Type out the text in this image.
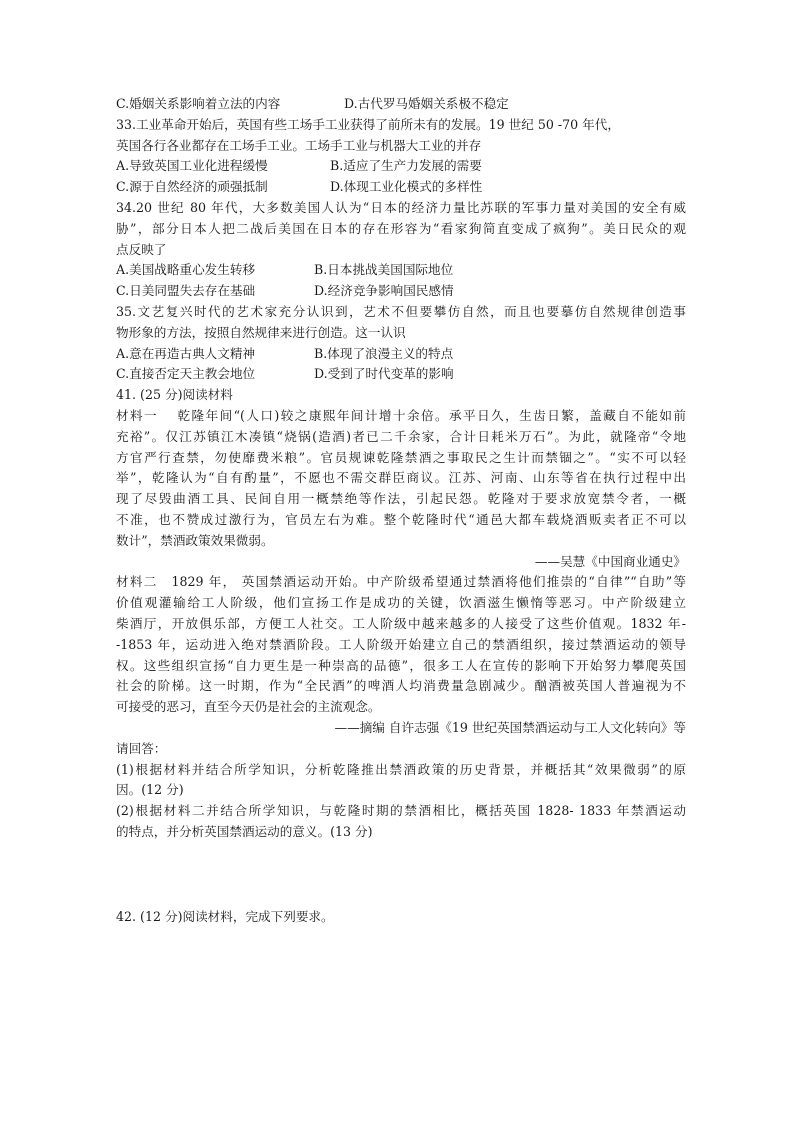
C.婚姻关系影响着立法的内容	D.古代罗马婚姻关系极不稳定
33.工业革命开始后，英国有些工场手工业获得了前所未有的发展。19 世纪 50 -70 年代，
英国各行各业都存在工场手工业。工场手工业与机器大工业的并存
A.导致英国工业化进程缓慢	B.适应了生产力发展的需要
C.源于自然经济的顽强抵制	D.体现工业化模式的多样性
34.20 世纪 80 年代，大多数美国人认为“日本的经济力量比苏联的军事力量对美国的安全有威
胁”，部分日本人把二战后美国在日本的存在形容为“看家狗简直变成了疯狗”。美日民众的观
点反映了
A.美国战略重心发生转移	B.日本挑战美国国际地位
C.日美同盟失去存在基础	D.经济竞争影响国民感情
35.文艺复兴时代的艺术家充分认识到，艺术不但要攀仿自然，而且也要摹仿自然规律创造事
物形象的方法，按照自然规律来进行创造。这一认识
A.意在再造古典人文精神	B.体现了浪漫主义的特点
C.直接否定天主教会地位	D.受到了时代变革的影响
41. (25 分)阅读材料
材料一　 乾隆年间“(人口)较之康熙年间计增十余倍。承平日久，生齿日繁，盖藏自不能如前
充裕”。仅江苏镇江木凑镇“烧锅(造酒)者已二千余家，合计日耗米万石”。为此，就隆帝“令地
方官严行查禁，勿使靡费米粮”。官员规谏乾隆禁酒之事取民之生计而禁锢之”。“实不可以轻
举”，乾隆认为“自有酌量”，不愿也不需交群臣商议。江苏、河南、山东等省在执行过程中出
现了尽毁曲酒工具、民间自用一概禁绝等作法，引起民怨。乾隆对于要求放宽禁令者，一概
不准，也不赞成过激行为，官员左右为难。整个乾隆时代“通邑大都车载烧酒贩卖者正不可以
数计”，禁酒政策效果微弱。
——吴慧《中国商业通史》
材料二　1829 年， 英国禁酒运动开始。中产阶级希望通过禁酒将他们推崇的“自律”“自助”等
价值观灌输给工人阶级，他们宣扬工作是成功的关键，饮酒滋生懒惰等恶习。中产阶级建立
柴酒厅，开放俱乐部，方便工人社交。工人阶级中越来越多的人接受了这些价值观。1832 年-
-1853 年，运动进入绝对禁酒阶段。工人阶级开始建立自己的禁酒组织，接过禁酒运动的领导
权。这些组织宣扬“自力更生是一种崇高的品德”，很多工人在宣传的影响下开始努力攀爬英国
社会的阶梯。这一时期，作为“全民酒”的啤酒人均消费量急剧减少。酗酒被英国人普遍视为不
可接受的恶习，直至今天仍是社会的主流观念。
——摘编 自许志强《19 世纪英国禁酒运动与工人文化转向》等
请回答：
(1)根据材料并结合所学知识，分析乾隆推出禁酒政策的历史背景，并概括其“效果微弱”的原
因。(12 分)
(2)根据材料二并结合所学知识，与乾隆时期的禁酒相比，概括英国 1828- 1833 年禁酒运动
的特点，并分析英国禁酒运动的意义。(13 分)
42. (12 分)阅读材料，完成下列要求。
